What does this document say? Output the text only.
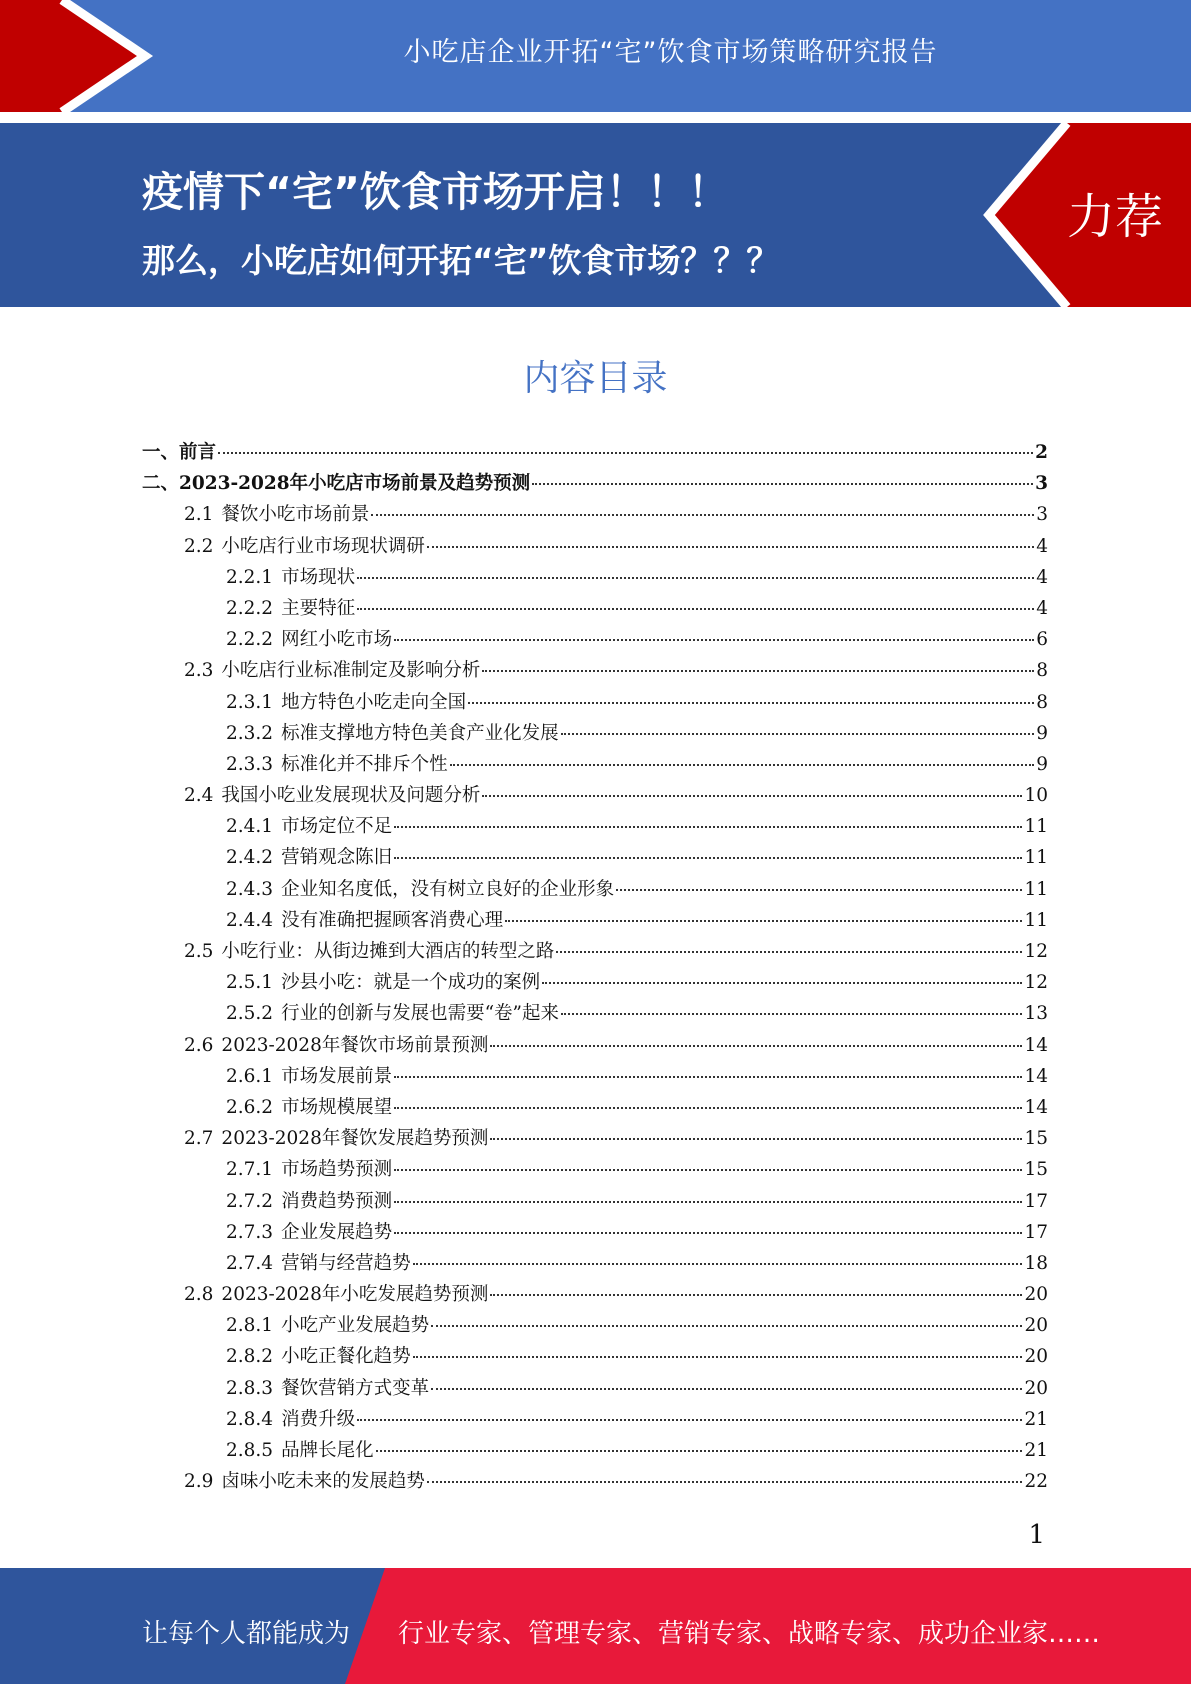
小吃店企业开拓“宅”饮食市场策略研究报告
疫情下“宅”饮食市场开启！！！
那么，小吃店如何开拓“宅”饮食市场？？？
力荐
内容目录
一、 前言	2
二、 2023-2028年小吃店市场前景及趋势预测	3
2.1 餐饮小吃市场前景	3
2.2 小吃店行业市场现状调研	4
2.2.1 市场现状	4
2.2.2 主要特征	4
2.2.2 网红小吃市场	6
2.3 小吃店行业标准制定及影响分析	8
2.3.1 地方特色小吃走向全国	8
2.3.2 标准支撑地方特色美食产业化发展	9
2.3.3 标准化并不排斥个性	9
2.4 我国小吃业发展现状及问题分析	10
2.4.1 市场定位不足	11
2.4.2 营销观念陈旧	11
2.4.3 企业知名度低，没有树立良好的企业形象	11
2.4.4 没有准确把握顾客消费心理	11
2.5 小吃行业：从街边摊到大酒店的转型之路	12
2.5.1 沙县小吃：就是一个成功的案例	12
2.5.2 行业的创新与发展也需要“卷”起来	13
2.6 2023-2028年餐饮市场前景预测	14
2.6.1 市场发展前景	14
2.6.2 市场规模展望	14
2.7 2023-2028年餐饮发展趋势预测	15
2.7.1 市场趋势预测	15
2.7.2 消费趋势预测	17
2.7.3 企业发展趋势	17
2.7.4 营销与经营趋势	18
2.8 2023-2028年小吃发展趋势预测	20
2.8.1 小吃产业发展趋势	20
2.8.2 小吃正餐化趋势	20
2.8.3 餐饮营销方式变革	20
2.8.4 消费升级	21
2.8.5 品牌长尾化	21
2.9 卤味小吃未来的发展趋势	22
1
让每个人都能成为 行业专家、管理专家、营销专家、战略专家、成功企业家……
